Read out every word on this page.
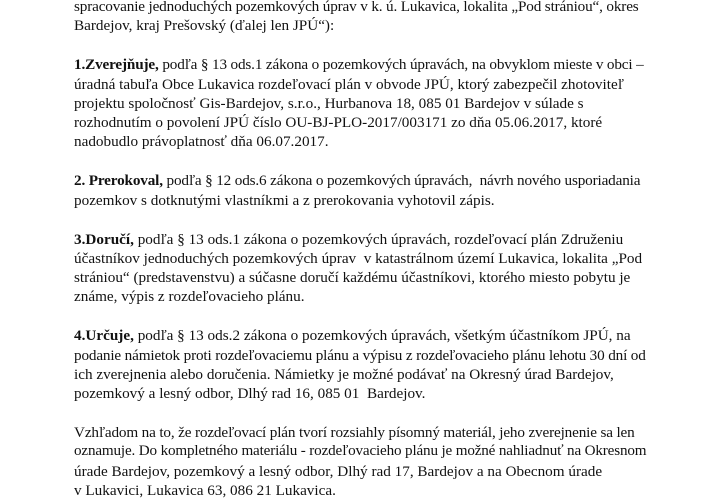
spracovanie jednoduchých pozemkových úprav v k. ú. Lukavica, lokalita „Pod strániou“, okres
Bardejov, kraj Prešovský (ďalej len JPÚ“):
1.Zverejňuje, podľa § 13 ods.1 zákona o pozemkových úpravách, na obvyklom mieste v obci –
úradná tabuľa Obce Lukavica rozdeľovací plán v obvode JPÚ, ktorý zabezpečil zhotoviteľ
projektu spoločnosť Gis-Bardejov, s.r.o., Hurbanova 18, 085 01 Bardejov v súlade s
rozhodnutím o povolení JPÚ číslo OU-BJ-PLO-2017/003171 zo dňa 05.06.2017, ktoré
nadobudlo právoplatnosť dňa 06.07.2017.
2. Prerokoval, podľa § 12 ods.6 zákona o pozemkových úpravách,  návrh nového usporiadania
pozemkov s dotknutými vlastníkmi a z prerokovania vyhotovil zápis.
3.Doručí, podľa § 13 ods.1 zákona o pozemkových úpravách, rozdeľovací plán Združeniu
účastníkov jednoduchých pozemkových úprav  v katastrálnom území Lukavica, lokalita „Pod
strániou“ (predstavenstvu) a súčasne doručí každému účastníkovi, ktorého miesto pobytu je
známe, výpis z rozdeľovacieho plánu.
4.Určuje, podľa § 13 ods.2 zákona o pozemkových úpravách, všetkým účastníkom JPÚ, na
podanie námietok proti rozdeľovaciemu plánu a výpisu z rozdeľovacieho plánu lehotu 30 dní od
ich zverejnenia alebo doručenia. Námietky je možné podávať na Okresný úrad Bardejov,
pozemkový a lesný odbor, Dlhý rad 16, 085 01  Bardejov.
Vzhľadom na to, že rozdeľovací plán tvorí rozsiahly písomný materiál, jeho zverejnenie sa len
oznamuje. Do kompletného materiálu - rozdeľovacieho plánu je možné nahliadnuť na Okresnom
úrade Bardejov, pozemkový a lesný odbor, Dlhý rad 17, Bardejov a na Obecnom úrade
v Lukavici, Lukavica 63, 086 21 Lukavica.
